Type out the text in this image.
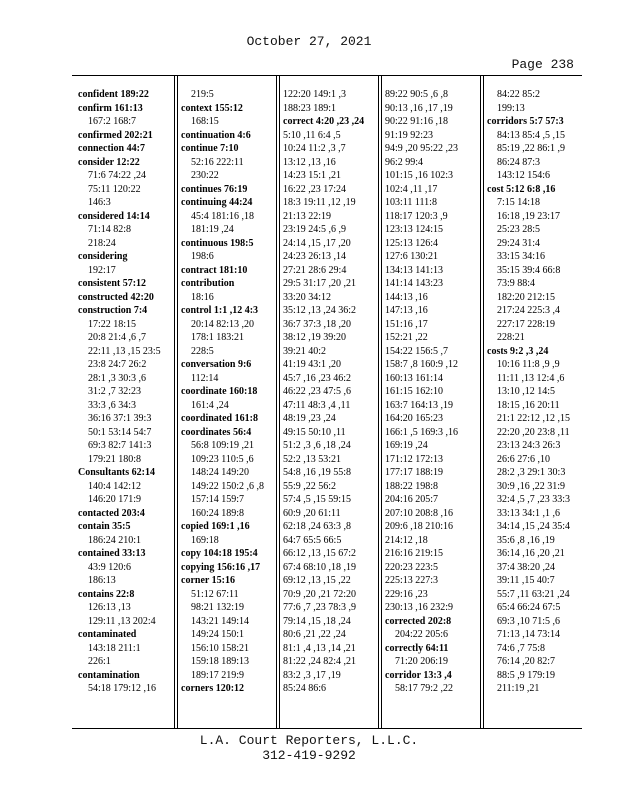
October 27, 2021
Page 238
confident 189:22
confirm 161:13
167:2 168:7
confirmed 202:21
connection 44:7
consider 12:22
71:6 74:22 ,24
75:11 120:22
146:3
considered 14:14
71:14 82:8
218:24
considering
192:17
consistent 57:12
constructed 42:20
construction 7:4
17:22 18:15
20:8 21:4 ,6 ,7
22:11 ,13 ,15 23:5
23:8 24:7 26:2
28:1 ,3 30:3 ,6
31:2 ,7 32:23
33:3 ,6 34:3
36:16 37:1 39:3
50:1 53:14 54:7
69:3 82:7 141:3
179:21 180:8
Consultants 62:14
140:4 142:12
146:20 171:9
contacted 203:4
contain 35:5
186:24 210:1
contained 33:13
43:9 120:6
186:13
contains 22:8
126:13 ,13
129:11 ,13 202:4
contaminated
143:18 211:1
226:1
contamination
54:18 179:12 ,16
219:5
context 155:12
168:15
continuation 4:6
continue 7:10
52:16 222:11
230:22
continues 76:19
continuing 44:24
45:4 181:16 ,18
181:19 ,24
continuous 198:5
198:6
contract 181:10
contribution
18:16
control 1:1 ,12 4:3
20:14 82:13 ,20
178:1 183:21
228:5
conversation 9:6
112:14
coordinate 160:18
161:4 ,24
coordinated 161:8
coordinates 56:4
56:8 109:19 ,21
109:23 110:5 ,6
148:24 149:20
149:22 150:2 ,6 ,8
157:14 159:7
160:24 189:8
copied 169:1 ,16
169:18
copy 104:18 195:4
copying 156:16 ,17
corner 15:16
51:12 67:11
98:21 132:19
143:21 149:14
149:24 150:1
156:10 158:21
159:18 189:13
189:17 219:9
corners 120:12
122:20 149:1 ,3
188:23 189:1
correct 4:20 ,23 ,24
5:10 ,11 6:4 ,5
10:24 11:2 ,3 ,7
13:12 ,13 ,16
14:23 15:1 ,21
16:22 ,23 17:24
18:3 19:11 ,12 ,19
21:13 22:19
23:19 24:5 ,6 ,9
24:14 ,15 ,17 ,20
24:23 26:13 ,14
27:21 28:6 29:4
29:5 31:17 ,20 ,21
33:20 34:12
35:12 ,13 ,24 36:2
36:7 37:3 ,18 ,20
38:12 ,19 39:20
39:21 40:2
41:19 43:1 ,20
45:7 ,16 ,23 46:2
46:22 ,23 47:5 ,6
47:11 48:3 ,4 ,11
48:19 ,23 ,24
49:15 50:10 ,11
51:2 ,3 ,6 ,18 ,24
52:2 ,13 53:21
54:8 ,16 ,19 55:8
55:9 ,22 56:2
57:4 ,5 ,15 59:15
60:9 ,20 61:11
62:18 ,24 63:3 ,8
64:7 65:5 66:5
66:12 ,13 ,15 67:2
67:4 68:10 ,18 ,19
69:12 ,13 ,15 ,22
70:9 ,20 ,21 72:20
77:6 ,7 ,23 78:3 ,9
79:14 ,15 ,18 ,24
80:6 ,21 ,22 ,24
81:1 ,4 ,13 ,14 ,21
81:22 ,24 82:4 ,21
83:2 ,3 ,17 ,19
85:24 86:6
89:22 90:5 ,6 ,8
90:13 ,16 ,17 ,19
90:22 91:16 ,18
91:19 92:23
94:9 ,20 95:22 ,23
96:2 99:4
101:15 ,16 102:3
102:4 ,11 ,17
103:11 111:8
118:17 120:3 ,9
123:13 124:15
125:13 126:4
127:6 130:21
134:13 141:13
141:14 143:23
144:13 ,16
147:13 ,16
151:16 ,17
152:21 ,22
154:22 156:5 ,7
158:7 ,8 160:9 ,12
160:13 161:14
161:15 162:10
163:7 164:13 ,19
164:20 165:23
166:1 ,5 169:3 ,16
169:19 ,24
171:12 172:13
177:17 188:19
188:22 198:8
204:16 205:7
207:10 208:8 ,16
209:6 ,18 210:16
214:12 ,18
216:16 219:15
220:23 223:5
225:13 227:3
229:16 ,23
230:13 ,16 232:9
corrected 202:8
204:22 205:6
correctly 64:11
71:20 206:19
corridor 13:3 ,4
58:17 79:2 ,22
84:22 85:2
199:13
corridors 5:7 57:3
84:13 85:4 ,5 ,15
85:19 ,22 86:1 ,9
86:24 87:3
143:12 154:6
cost 5:12 6:8 ,16
7:15 14:18
16:18 ,19 23:17
25:23 28:5
29:24 31:4
33:15 34:16
35:15 39:4 66:8
73:9 88:4
182:20 212:15
217:24 225:3 ,4
227:17 228:19
228:21
costs 9:2 ,3 ,24
10:16 11:8 ,9 ,9
11:11 ,13 12:4 ,6
13:10 ,12 14:5
18:15 ,16 20:11
21:1 22:12 ,12 ,15
22:20 ,20 23:8 ,11
23:13 24:3 26:3
26:6 27:6 ,10
28:2 ,3 29:1 30:3
30:9 ,16 ,22 31:9
32:4 ,5 ,7 ,23 33:3
33:13 34:1 ,1 ,6
34:14 ,15 ,24 35:4
35:6 ,8 ,16 ,19
36:14 ,16 ,20 ,21
37:4 38:20 ,24
39:11 ,15 40:7
55:7 ,11 63:21 ,24
65:4 66:24 67:5
69:3 ,10 71:5 ,6
71:13 ,14 73:14
74:6 ,7 75:8
76:14 ,20 82:7
88:5 ,9 179:19
211:19 ,21
L.A. Court Reporters, L.L.C.
312-419-9292
